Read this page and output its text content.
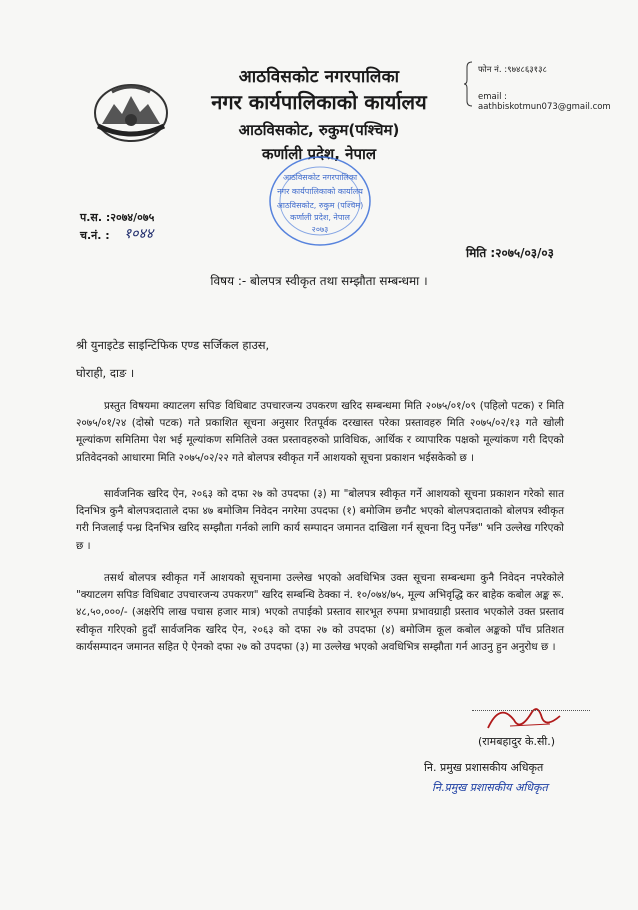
आठविसकोट नगरपालिका
नगर कार्यपालिकाको कार्यालय
आठविसकोट, रुकुम(पश्चिम)
कर्णाली प्रदेश, नेपाल
फोन नं. :९७४८६३१३८
email : aathbiskotmun073@gmail.com
आठविसकोट नगरपालिका
नगर कार्यपालिकाको कार्यालय
आठविसकोट, रुकुम (पश्चिम)
कर्णाली प्रदेश, नेपाल
२०७३
प.स. :२०७४/०७५
च.नं. : १०४४
मिति :२०७५/०३/०३
विषय :- बोलपत्र स्वीकृत तथा सम्झौता सम्बन्धमा ।
श्री युनाइटेड साइन्टिफिक एण्ड सर्जिकल हाउस,
घोराही, दाङ ।
प्रस्तुत विषयमा क्याटलग सपिङ विधिबाट उपचारजन्य उपकरण खरिद सम्बन्धमा मिति २०७५/०१/०९ (पहिलो पटक) र मिति २०७५/०१/२४ (दोस्रो पटक) गते प्रकाशित सूचना अनुसार रितपूर्वक दरखास्त परेका प्रस्तावहरु मिति २०७५/०२/१३ गते खोली मूल्यांकण समितिमा पेश भई मूल्यांकण समितिले उक्त प्रस्तावहरुको प्राविधिक, आर्थिक र व्यापारिक पक्षको मूल्यांकण गरी दिएको प्रतिवेदनको आधारमा मिति २०७५/०२/२२ गते बोलपत्र स्वीकृत गर्ने आशयको सूचना प्रकाशन भईसकेको छ ।
सार्वजनिक खरिद ऐन, २०६३ को दफा २७ को उपदफा (३) मा "बोलपत्र स्वीकृत गर्ने आशयको सूचना प्रकाशन गरेको सात दिनभित्र कुनै बोलपत्रदाताले दफा ४७ बमोजिम निवेदन नगरेमा उपदफा (१) बमोजिम छनौट भएको बोलपत्रदाताको बोलपत्र स्वीकृत गरी निजलाई पन्ध्र दिनभित्र खरिद सम्झौता गर्नको लागि कार्य सम्पादन जमानत दाखिला गर्न सूचना दिनु पर्नेछ" भनि उल्लेख गरिएको छ ।
तसर्थ बोलपत्र स्वीकृत गर्ने आशयको सूचनामा उल्लेख भएको अवधिभित्र उक्त सूचना सम्बन्धमा कुनै निवेदन नपरेकोले "क्याटलग सपिङ विधिबाट उपचारजन्य उपकरण" खरिद सम्बन्धि ठेक्का नं. १०/०७४/७५, मूल्य अभिवृद्धि कर बाहेक कबोल अङ्क रू. ४८,५०,०००/- (अक्षरेपि लाख पचास हजार मात्र) भएको तपाईको प्रस्ताव सारभूत रुपमा प्रभावग्राही प्रस्ताव भएकोले उक्त प्रस्ताव स्वीकृत गरिएको हुदाँ सार्वजनिक खरिद ऐन, २०६३ को दफा २७ को उपदफा (४) बमोजिम कूल कबोल अङ्कको पाँच प्रतिशत कार्यसम्पादन जमानत सहित ऐ ऐनको दफा २७ को उपदफा (३) मा उल्लेख भएको अवधिभित्र सम्झौता गर्न आउनु हुन अनुरोध छ ।
(रामबहादुर के.सी.)
नि. प्रमुख प्रशासकीय अधिकृत
नि.प्रमुख प्रशासकीय अधिकृत
